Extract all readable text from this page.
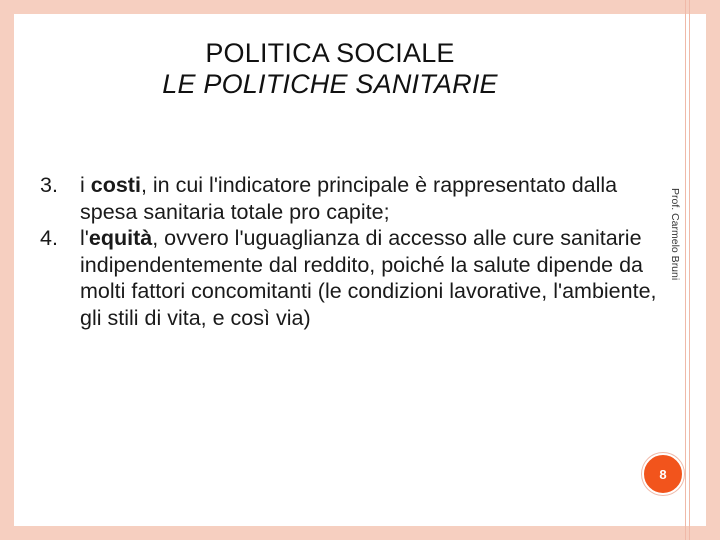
POLITICA SOCIALE
LE POLITICHE SANITARIE
3. i costi, in cui l'indicatore principale è rappresentato dalla spesa sanitaria totale pro capite;
4. l'equità, ovvero l'uguaglianza di accesso alle cure sanitarie indipendentemente dal reddito, poiché la salute dipende da molti fattori concomitanti (le condizioni lavorative, l'ambiente, gli stili di vita, e così via)
Prof. Carmelo Bruni
8
